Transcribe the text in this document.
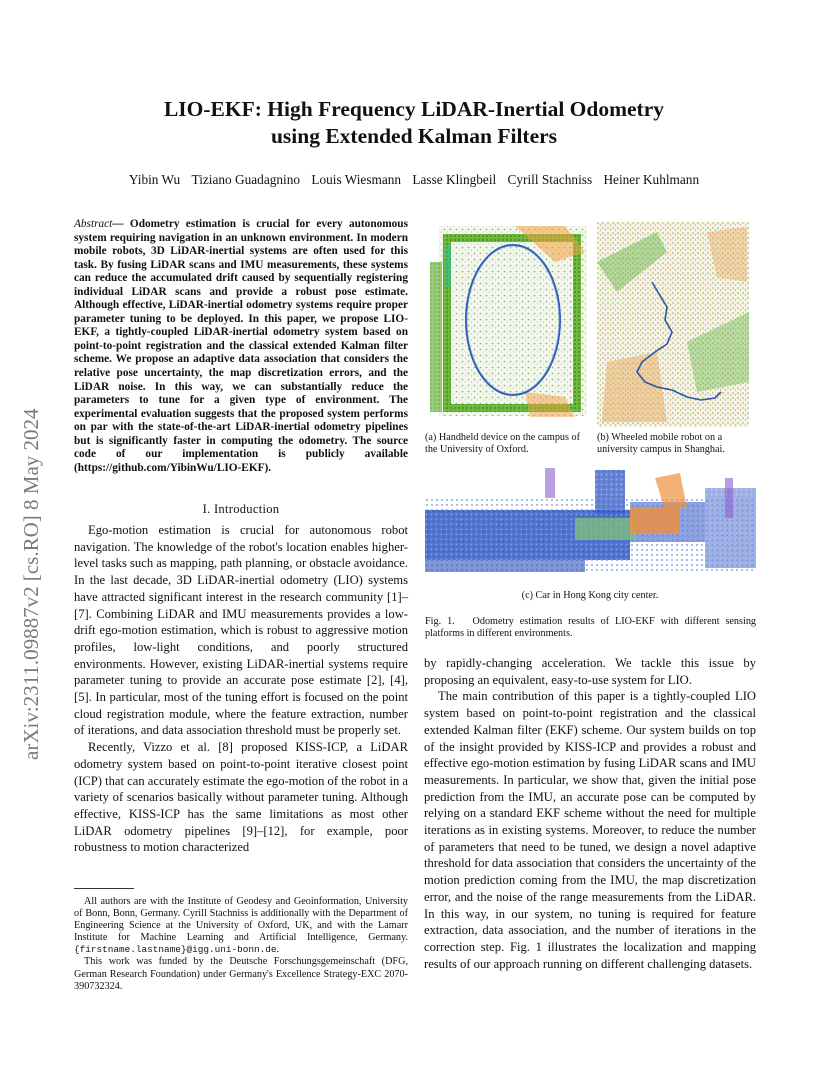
LIO-EKF: High Frequency LiDAR-Inertial Odometry
using Extended Kalman Filters
Yibin Wu Tiziano Guadagnino Louis Wiesmann Lasse Klingbeil Cyrill Stachniss Heiner Kuhlmann
arXiv:2311.09887v2 [cs.RO] 8 May 2024
Abstract— Odometry estimation is crucial for every autonomous system requiring navigation in an unknown environment. In modern mobile robots, 3D LiDAR-inertial systems are often used for this task. By fusing LiDAR scans and IMU measurements, these systems can reduce the accumulated drift caused by sequentially registering individual LiDAR scans and provide a robust pose estimate. Although effective, LiDAR-inertial odometry systems require proper parameter tuning to be deployed. In this paper, we propose LIO-EKF, a tightly-coupled LiDAR-inertial odometry system based on point-to-point registration and the classical extended Kalman filter scheme. We propose an adaptive data association that considers the relative pose uncertainty, the map discretization errors, and the LiDAR noise. In this way, we can substantially reduce the parameters to tune for a given type of environment. The experimental evaluation suggests that the proposed system performs on par with the state-of-the-art LiDAR-inertial odometry pipelines but is significantly faster in computing the odometry. The source code of our implementation is publicly available (https://github.com/YibinWu/LIO-EKF).
I. Introduction

Ego-motion estimation is crucial for autonomous robot navigation. The knowledge of the robot's location enables higher-level tasks such as mapping, path planning, or obstacle avoidance. In the last decade, 3D LiDAR-inertial odometry (LIO) systems have attracted significant interest in the research community [1]–[7]. Combining LiDAR and IMU measurements provides a low-drift ego-motion estimation, which is robust to aggressive motion profiles, low-light conditions, and poorly structured environments. However, existing LiDAR-inertial systems require parameter tuning to provide an accurate pose estimate [2], [4], [5]. In particular, most of the tuning effort is focused on the point cloud registration module, where the feature extraction, number of iterations, and data association threshold must be properly set.

Recently, Vizzo et al. [8] proposed KISS-ICP, a LiDAR odometry system based on point-to-point iterative closest point (ICP) that can accurately estimate the ego-motion of the robot in a variety of scenarios basically without parameter tuning. Although effective, KISS-ICP has the same limitations as most other LiDAR odometry pipelines [9]–[12], for example, poor robustness to motion characterized

All authors are with the Institute of Geodesy and Geoinformation, University of Bonn, Bonn, Germany. Cyrill Stachniss is additionally with the Department of Engineering Science at the University of Oxford, UK, and with the Lamarr Institute for Machine Learning and Artificial Intelligence, Germany. {firstname.lastname}@igg.uni-bonn.de.

This work was funded by the Deutsche Forschungsgemeinschaft (DFG, German Research Foundation) under Germany's Excellence Strategy-EXC 2070-390732324.

(a) Handheld device on the campus of the University of Oxford.
(b) Wheeled mobile robot on a university campus in Shanghai.
(c) Car in Hong Kong city center.
Fig. 1. Odometry estimation results of LIO-EKF with different sensing platforms in different environments.

by rapidly-changing acceleration. We tackle this issue by proposing an equivalent, easy-to-use system for LIO.

The main contribution of this paper is a tightly-coupled LIO system based on point-to-point registration and the classical extended Kalman filter (EKF) scheme. Our system builds on top of the insight provided by KISS-ICP and provides a robust and effective ego-motion estimation by fusing LiDAR scans and IMU measurements. In particular, we show that, given the initial pose prediction from the IMU, an accurate pose can be computed by relying on a standard EKF scheme without the need for multiple iterations as in existing systems. Moreover, to reduce the number of parameters that need to be tuned, we design a novel adaptive threshold for data association that considers the uncertainty of the motion prediction coming from the IMU, the map discretization error, and the noise of the range measurements from the LiDAR. In this way, in our system, no tuning is required for feature extraction, data association, and the number of iterations in the correction step. Fig. 1 illustrates the localization and mapping results of our approach running on different challenging datasets.
